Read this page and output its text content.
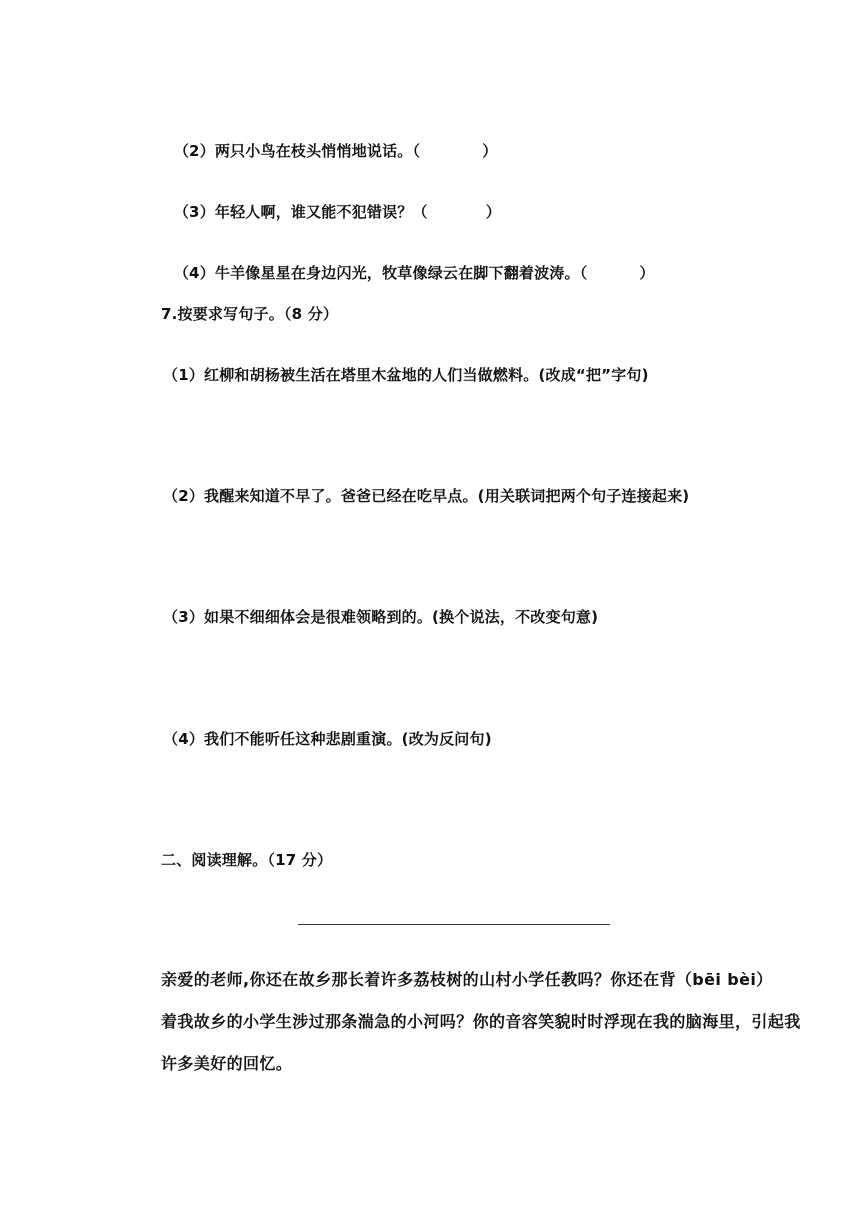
（2）两只小鸟在枝头悄悄地说话。（	）

（3）年轻人啊，谁又能不犯错误？（	）

（4）牛羊像星星在身边闪光，牧草像绿云在脚下翻着波涛。（	）

7.按要求写句子。（8 分）
（1）红柳和胡杨被生活在塔里木盆地的人们当做燃料。(改成“把”字句)
（2）我醒来知道不早了。爸爸已经在吃早点。(用关联词把两个句子连接起来)
（3）如果不细细体会是很难领略到的。(换个说法，不改变句意)
（4）我们不能听任这种悲剧重演。(改为反问句)
二、阅读理解。（17 分）
亲爱的老师,你还在故乡那长着许多荔枝树的山村小学任教吗？你还在背（bēi bèi）
着我故乡的小学生涉过那条湍急的小河吗？你的音容笑貌时时浮现在我的脑海里，引起我
许多美好的回忆。
